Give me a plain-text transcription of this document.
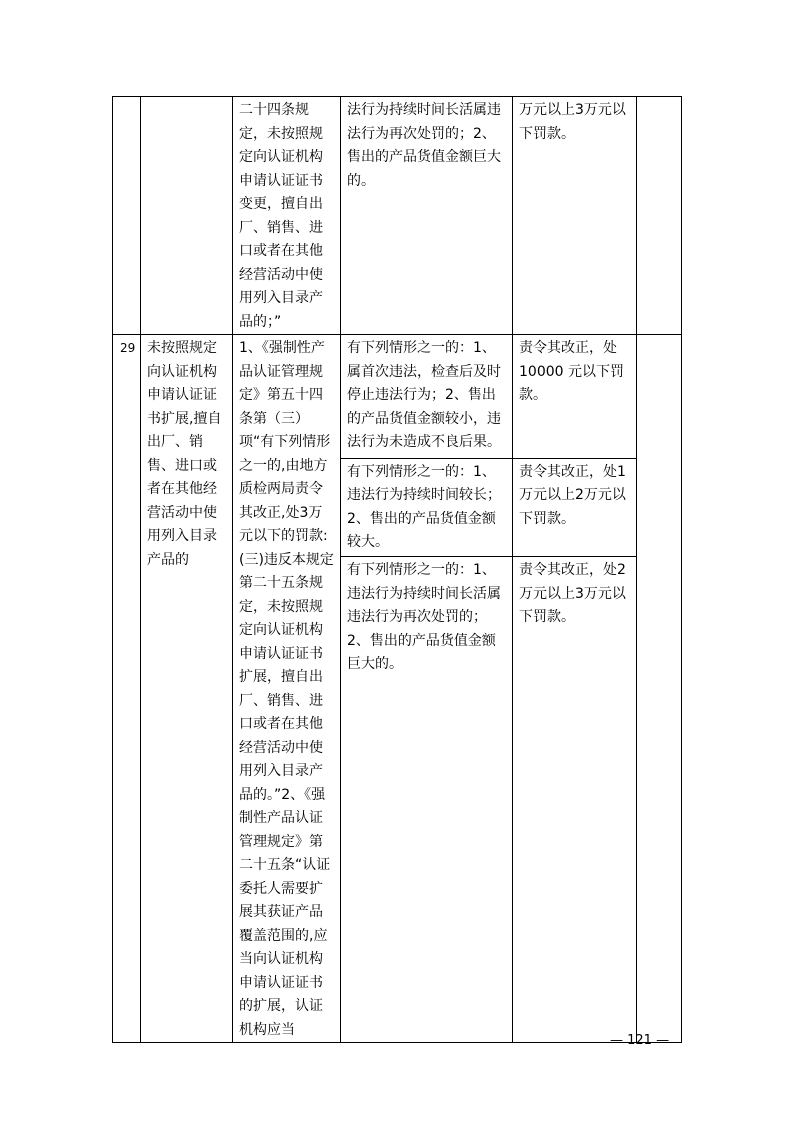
		二十四条规定，未按照规定向认证机构申请认证证书变更，擅自出厂、销售、进口或者在其他经营活动中使用列入目录产品的；”	法行为持续时间长活属违法行为再次处罚的；2、售出的产品货值金额巨大的。	万元以上3万元以下罚款。	

29	未按照规定向认证机构申请认证证书扩展,擅自出厂、销售、进口或者在其他经营活动中使用列入目录产品的	1、《强制性产品认证管理规定》第五十四条第（三）项“有下列情形之一的,由地方质检两局责令其改正,处3万元以下的罚款:(三)违反本规定第二十五条规定，未按照规定向认证机构申请认证证书扩展，擅自出厂、销售、进口或者在其他经营活动中使用列入目录产品的。”2、《强制性产品认证管理规定》第二十五条“认证委托人需要扩展其获证产品覆盖范围的,应当向认证机构申请认证证书的扩展，认证机构应当	有下列情形之一的：1、属首次违法，检查后及时停止违法行为；2、售出的产品货值金额较小，违法行为未造成不良后果。	责令其改正，处10000 元以下罚款。	

			有下列情形之一的：1、违法行为持续时间较长；2、售出的产品货值金额较大。	责令其改正，处1万元以上2万元以下罚款。	

			有下列情形之一的：1、违法行为持续时间长活属违法行为再次处罚的；2、售出的产品货值金额巨大的。	责令其改正，处2万元以上3万元以下罚款。	
— 121 —
